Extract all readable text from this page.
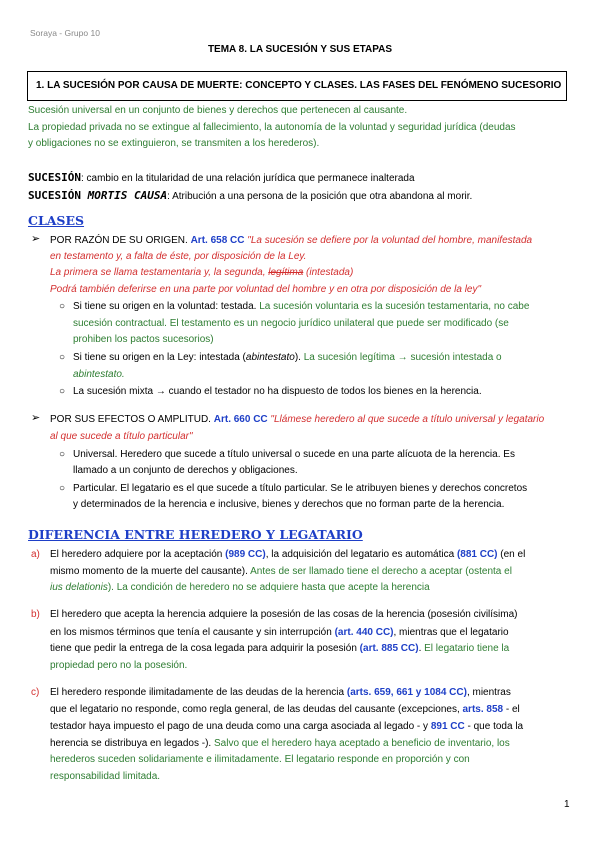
Soraya - Grupo 10
TEMA 8. LA SUCESIÓN Y SUS ETAPAS
1. LA SUCESIÓN POR CAUSA DE MUERTE: CONCEPTO Y CLASES. LAS FASES DEL FENÓMENO SUCESORIO
Sucesión universal en un conjunto de bienes y derechos que pertenecen al causante.
La propiedad privada no se extingue al fallecimiento, la autonomía de la voluntad y seguridad jurídica (deudas
y obligaciones no se extinguieron, se transmiten a los herederos).
SUCESIÓN: cambio en la titularidad de una relación jurídica que permanece inalterada
SUCESIÓN MORTIS CAUSA: Atribución a una persona de la posición que otra abandona al morir.
CLASES
➢ POR RAZÓN DE SU ORIGEN. Art. 658 CC "La sucesión se defiere por la voluntad del hombre, manifestada
en testamento y, a falta de éste, por disposición de la Ley.
La primera se llama testamentaria y, la segunda, legítima (intestada)
Podrá también deferirse en una parte por voluntad del hombre y en otra por disposición de la ley"
○ Si tiene su origen en la voluntad: testada. La sucesión voluntaria es la sucesión testamentaria, no cabe
sucesión contractual. El testamento es un negocio jurídico unilateral que puede ser modificado (se
prohiben los pactos sucesorios)
○ Si tiene su origen en la Ley: intestada (abintestato). La sucesión legítima → sucesión intestada o
abintestato.
○ La sucesión mixta → cuando el testador no ha dispuesto de todos los bienes en la herencia.
➢ POR SUS EFECTOS O AMPLITUD. Art. 660 CC "Llámese heredero al que sucede a título universal y legatario
al que sucede a título particular"
○ Universal. Heredero que sucede a título universal o sucede en una parte alícuota de la herencia. Es
llamado a un conjunto de derechos y obligaciones.
○ Particular. El legatario es el que sucede a título particular. Se le atribuyen bienes y derechos concretos
y determinados de la herencia e inclusive, bienes y derechos que no forman parte de la herencia.
DIFERENCIA ENTRE HEREDERO Y LEGATARIO
a) El heredero adquiere por la aceptación (989 CC), la adquisición del legatario es automática (881 CC) (en el
mismo momento de la muerte del causante). Antes de ser llamado tiene el derecho a aceptar (ostenta el
ius delationis). La condición de heredero no se adquiere hasta que acepte la herencia
b) El heredero que acepta la herencia adquiere la posesión de las cosas de la herencia (posesión civilísima)
en los mismos términos que tenía el causante y sin interrupción (art. 440 CC), mientras que el legatario
tiene que pedir la entrega de la cosa legada para adquirir la posesión (art. 885 CC). El legatario tiene la
propiedad pero no la posesión.
c) El heredero responde ilimitadamente de las deudas de la herencia (arts. 659, 661 y 1084 CC), mientras
que el legatario no responde, como regla general, de las deudas del causante (excepciones, arts. 858 - el
testador haya impuesto el pago de una deuda como una carga asociada al legado - y 891 CC - que toda la
herencia se distribuya en legados -). Salvo que el heredero haya aceptado a beneficio de inventario, los
herederos suceden solidariamente e ilimitadamente. El legatario responde en proporción y con
responsabilidad limitada.
1
